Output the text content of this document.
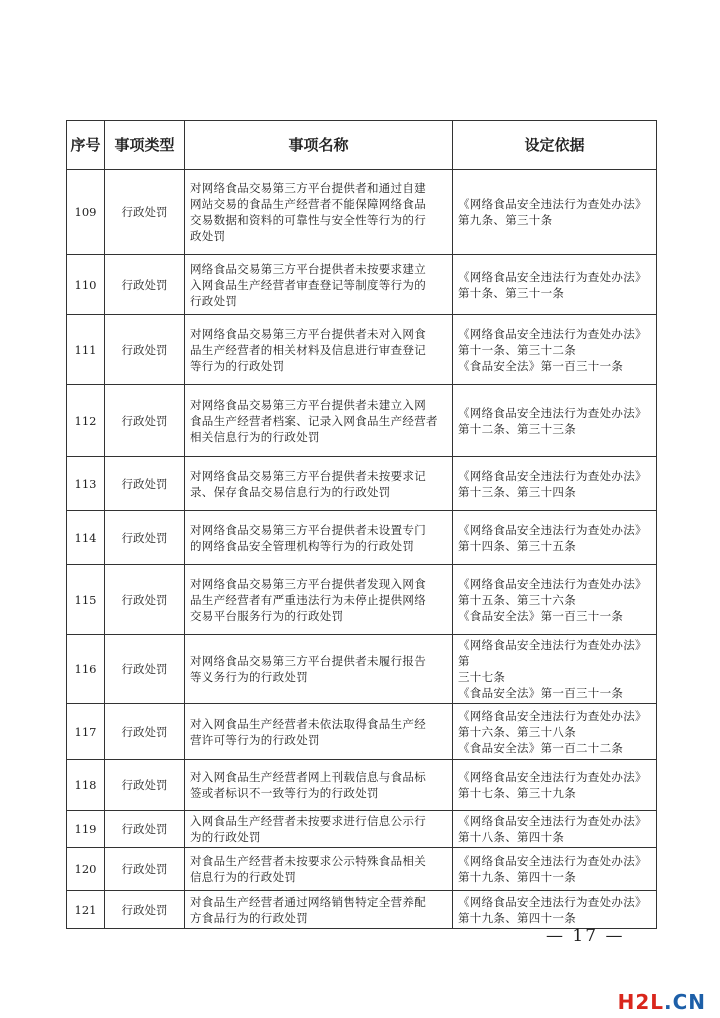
序号	事项类型	事项名称	设定依据
109	行政处罚	对网络食品交易第三方平台提供者和通过自建
网站交易的食品生产经营者不能保障网络食品
交易数据和资料的可靠性与安全性等行为的行
政处罚	《网络食品安全违法行为查处办法》
第九条、第三十条

110	行政处罚	网络食品交易第三方平台提供者未按要求建立
入网食品生产经营者审查登记等制度等行为的
行政处罚	《网络食品安全违法行为查处办法》
第十条、第三十一条

111	行政处罚	对网络食品交易第三方平台提供者未对入网食
品生产经营者的相关材料及信息进行审查登记
等行为的行政处罚	《网络食品安全违法行为查处办法》
第十一条、第三十二条
《食品安全法》第一百三十一条

112	行政处罚	对网络食品交易第三方平台提供者未建立入网
食品生产经营者档案、记录入网食品生产经营者
相关信息行为的行政处罚	《网络食品安全违法行为查处办法》
第十二条、第三十三条

113	行政处罚	对网络食品交易第三方平台提供者未按要求记
录、保存食品交易信息行为的行政处罚	《网络食品安全违法行为查处办法》
第十三条、第三十四条

114	行政处罚	对网络食品交易第三方平台提供者未设置专门
的网络食品安全管理机构等行为的行政处罚	《网络食品安全违法行为查处办法》
第十四条、第三十五条

115	行政处罚	对网络食品交易第三方平台提供者发现入网食
品生产经营者有严重违法行为未停止提供网络
交易平台服务行为的行政处罚	《网络食品安全违法行为查处办法》
第十五条、第三十六条
《食品安全法》第一百三十一条

116	行政处罚	对网络食品交易第三方平台提供者未履行报告
等义务行为的行政处罚	《网络食品安全违法行为查处办法》第
三十七条
《食品安全法》第一百三十一条

117	行政处罚	对入网食品生产经营者未依法取得食品生产经
营许可等行为的行政处罚	《网络食品安全违法行为查处办法》
第十六条、第三十八条
《食品安全法》第一百二十二条

118	行政处罚	对入网食品生产经营者网上刊载信息与食品标
签或者标识不一致等行为的行政处罚	《网络食品安全违法行为查处办法》
第十七条、第三十九条

119	行政处罚	入网食品生产经营者未按要求进行信息公示行
为的行政处罚	《网络食品安全违法行为查处办法》
第十八条、第四十条

120	行政处罚	对食品生产经营者未按要求公示特殊食品相关
信息行为的行政处罚	《网络食品安全违法行为查处办法》
第十九条、第四十一条

121	行政处罚	对食品生产经营者通过网络销售特定全营养配
方食品行为的行政处罚	《网络食品安全违法行为查处办法》
第十九条、第四十一条
— 17 —
H2L.CN
